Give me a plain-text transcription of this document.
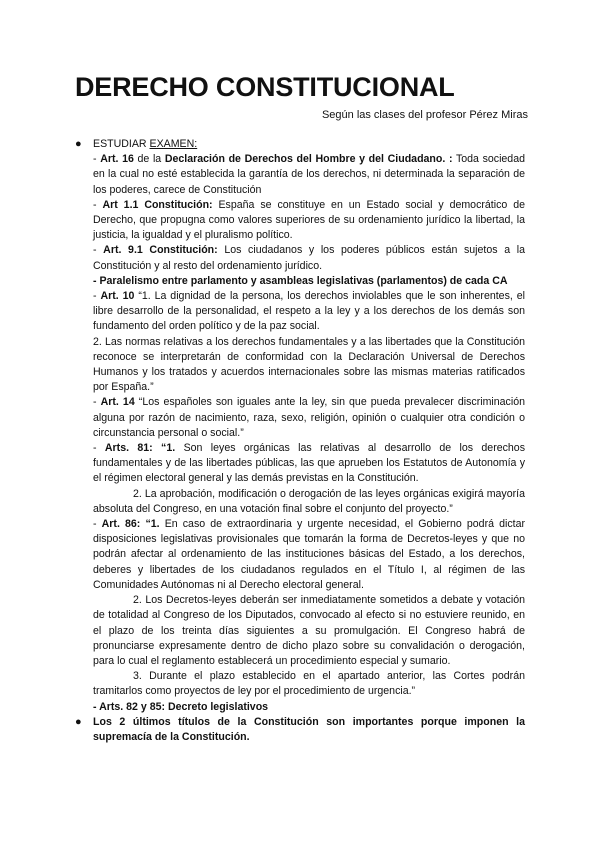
DERECHO CONSTITUCIONAL
Según las clases del profesor Pérez Miras
● ESTUDIAR EXAMEN:

- Art. 16 de la Declaración de Derechos del Hombre y del Ciudadano. : Toda sociedad en la cual no esté establecida la garantía de los derechos, ni determinada la separación de los poderes, carece de Constitución

- Art 1.1 Constitución: España se constituye en un Estado social y democrático de Derecho, que propugna como valores superiores de su ordenamiento jurídico la libertad, la justicia, la igualdad y el pluralismo político.

- Art. 9.1 Constitución: Los ciudadanos y los poderes públicos están sujetos a la Constitución y al resto del ordenamiento jurídico.

- Paralelismo entre parlamento y asambleas legislativas (parlamentos) de cada CA

- Art. 10 “1. La dignidad de la persona, los derechos inviolables que le son inherentes, el libre desarrollo de la personalidad, el respeto a la ley y a los derechos de los demás son fundamento del orden político y de la paz social.

2. Las normas relativas a los derechos fundamentales y a las libertades que la Constitución reconoce se interpretarán de conformidad con la Declaración Universal de Derechos Humanos y los tratados y acuerdos internacionales sobre las mismas materias ratificados por España.”

- Art. 14 “Los españoles son iguales ante la ley, sin que pueda prevalecer discriminación alguna por razón de nacimiento, raza, sexo, religión, opinión o cualquier otra condición o circunstancia personal o social.”

- Arts. 81: “1. Son leyes orgánicas las relativas al desarrollo de los derechos fundamentales y de las libertades públicas, las que aprueben los Estatutos de Autonomía y el régimen electoral general y las demás previstas en la Constitución.

2. La aprobación, modificación o derogación de las leyes orgánicas exigirá mayoría absoluta del Congreso, en una votación final sobre el conjunto del proyecto.”

- Art. 86: “1. En caso de extraordinaria y urgente necesidad, el Gobierno podrá dictar disposiciones legislativas provisionales que tomarán la forma de Decretos-leyes y que no podrán afectar al ordenamiento de las instituciones básicas del Estado, a los derechos, deberes y libertades de los ciudadanos regulados en el Título I, al régimen de las Comunidades Autónomas ni al Derecho electoral general.

2. Los Decretos-leyes deberán ser inmediatamente sometidos a debate y votación de totalidad al Congreso de los Diputados, convocado al efecto si no estuviere reunido, en el plazo de los treinta días siguientes a su promulgación. El Congreso habrá de pronunciarse expresamente dentro de dicho plazo sobre su convalidación o derogación, para lo cual el reglamento establecerá un procedimiento especial y sumario.

3. Durante el plazo establecido en el apartado anterior, las Cortes podrán tramitarlos como proyectos de ley por el procedimiento de urgencia.”

- Arts. 82 y 85: Decreto legislativos

● Los 2 últimos títulos de la Constitución son importantes porque imponen la supremacía de la Constitución.
